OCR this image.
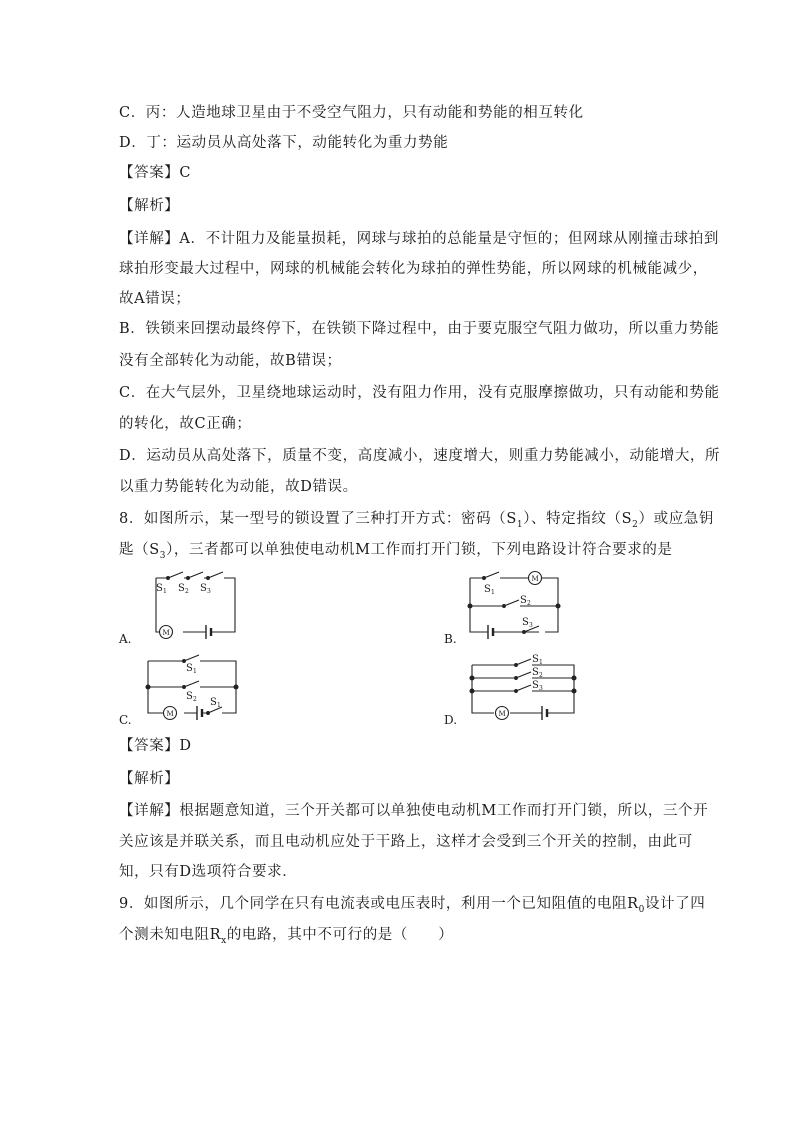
C．丙：人造地球卫星由于不受空气阻力，只有动能和势能的相互转化
D．丁：运动员从高处落下，动能转化为重力势能
【答案】C
【解析】
【详解】A．不计阻力及能量损耗，网球与球拍的总能量是守恒的；但网球从刚撞击球拍到
球拍形变最大过程中，网球的机械能会转化为球拍的弹性势能，所以网球的机械能减少，
故A错误；
B．铁锁来回摆动最终停下，在铁锁下降过程中，由于要克服空气阻力做功，所以重力势能
没有全部转化为动能，故B错误；
C．在大气层外，卫星绕地球运动时，没有阻力作用，没有克服摩擦做功，只有动能和势能
的转化，故C正确；
D．运动员从高处落下，质量不变，高度减小，速度增大，则重力势能减小，动能增大，所
以重力势能转化为动能，故D错误。
8．如图所示，某一型号的锁设置了三种打开方式：密码$(S_1)$、特定指纹$(S_2)$或应急钥
匙$(S_3)$，三者都可以单独使电动机M工作而打开门锁，下列电路设计符合要求的是
M
S 1 S 2 S 3
A.
M
S 1
S 2
S 3
B.
M
S 1
S 2 S 1
C.	M
S 1
S 2
S 3
D.
【答案】D
【解析】
【详解】根据题意知道，三个开关都可以单独使电动机M工作而打开门锁，所以，三个开
关应该是并联关系，而且电动机应处于干路上，这样才会受到三个开关的控制，由此可
知，只有D选项符合要求．
9．如图所示，几个同学在只有电流表或电压表时，利用一个已知阻值的电阻$R_0$设计了四
个测未知电阻$R_x$的电路，其中不可行的是（　　）
